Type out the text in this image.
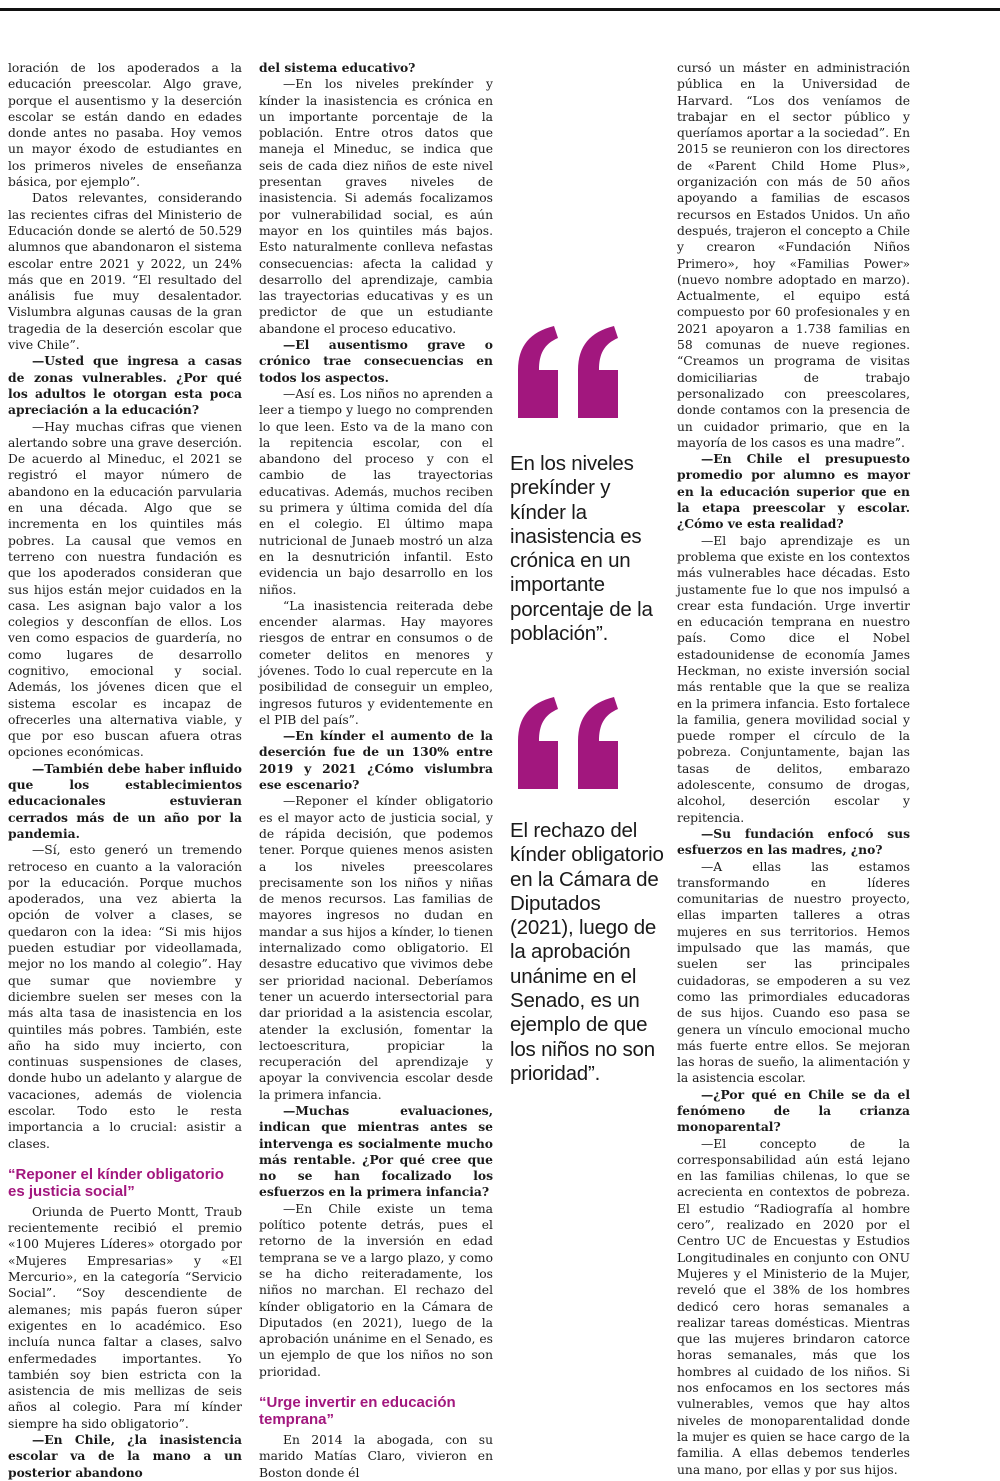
loración de los apoderados a la educación preescolar. Algo grave, porque el ausentismo y la deserción escolar se están dando en edades donde antes no pasaba. Hoy vemos un mayor éxodo de estudiantes en los primeros niveles de enseñanza básica, por ejemplo”.

Datos relevantes, considerando las recientes cifras del Ministerio de Educación donde se alertó de 50.529 alumnos que abandonaron el sistema escolar entre 2021 y 2022, un 24% más que en 2019. “El resultado del análisis fue muy desalentador. Vislumbra algunas causas de la gran tragedia de la deserción escolar que vive Chile”.

—Usted que ingresa a casas de zonas vulnerables. ¿Por qué los adultos le otorgan esta poca apreciación a la educación?

—Hay muchas cifras que vienen alertando sobre una grave deserción. De acuerdo al Mineduc, el 2021 se registró el mayor número de abandono en la educación parvularia en una década. Algo que se incrementa en los quintiles más pobres. La causal que vemos en terreno con nuestra fundación es que los apoderados consideran que sus hijos están mejor cuidados en la casa. Les asignan bajo valor a los colegios y desconfían de ellos. Los ven como espacios de guardería, no como lugares de desarrollo cognitivo, emocional y social. Además, los jóvenes dicen que el sistema escolar es incapaz de ofrecerles una alternativa viable, y que por eso buscan afuera otras opciones económicas.

—También debe haber influido que los establecimientos educacionales estuvieran cerrados más de un año por la pandemia.

—Sí, esto generó un tremendo retroceso en cuanto a la valoración por la educación. Porque muchos apoderados, una vez abierta la opción de volver a clases, se quedaron con la idea: “Si mis hijos pueden estudiar por videollamada, mejor no los mando al colegio”. Hay que sumar que noviembre y diciembre suelen ser meses con la más alta tasa de inasistencia en los quintiles más pobres. También, este año ha sido muy incierto, con continuas suspensiones de clases, donde hubo un adelanto y alargue de vacaciones, además de violencia escolar. Todo esto le resta importancia a lo crucial: asistir a clases.

“Reponer el kínder obligatorio es justicia social”

Oriunda de Puerto Montt, Traub recientemente recibió el premio «100 Mujeres Líderes» otorgado por «Mujeres Empresarias» y «El Mercurio», en la categoría “Servicio Social”. “Soy descendiente de alemanes; mis papás fueron súper exigentes en lo académico. Eso incluía nunca faltar a clases, salvo enfermedades importantes. Yo también soy bien estricta con la asistencia de mis mellizas de seis años al colegio. Para mí kínder siempre ha sido obligatorio”.

—En Chile, ¿la inasistencia escolar va de la mano a un posterior abandono

del sistema educativo?

—En los niveles prekínder y kínder la inasistencia es crónica en un importante porcentaje de la población. Entre otros datos que maneja el Mineduc, se indica que seis de cada diez niños de este nivel presentan graves niveles de inasistencia. Si además focalizamos por vulnerabilidad social, es aún mayor en los quintiles más bajos. Esto naturalmente conlleva nefastas consecuencias: afecta la calidad y desarrollo del aprendizaje, cambia las trayectorias educativas y es un predictor de que un estudiante abandone el proceso educativo.

—El ausentismo grave o crónico trae consecuencias en todos los aspectos.

—Así es. Los niños no aprenden a leer a tiempo y luego no comprenden lo que leen. Esto va de la mano con la repitencia escolar, con el abandono del proceso y con el cambio de las trayectorias educativas. Además, muchos reciben su primera y última comida del día en el colegio. El último mapa nutricional de Junaeb mostró un alza en la desnutrición infantil. Esto evidencia un bajo desarrollo en los niños.

“La inasistencia reiterada debe encender alarmas. Hay mayores riesgos de entrar en consumos o de cometer delitos en menores y jóvenes. Todo lo cual repercute en la posibilidad de conseguir un empleo, ingresos futuros y evidentemente en el PIB del país”.

—En kínder el aumento de la deserción fue de un 130% entre 2019 y 2021 ¿Cómo vislumbra ese escenario?

—Reponer el kínder obligatorio es el mayor acto de justicia social, y de rápida decisión, que podemos tener. Porque quienes menos asisten a los niveles preescolares precisamente son los niños y niñas de menos recursos. Las familias de mayores ingresos no dudan en mandar a sus hijos a kínder, lo tienen internalizado como obligatorio. El desastre educativo que vivimos debe ser prioridad nacional. Deberíamos tener un acuerdo intersectorial para dar prioridad a la asistencia escolar, atender la exclusión, fomentar la lectoescritura, propiciar la recuperación del aprendizaje y apoyar la convivencia escolar desde la primera infancia.

—Muchas evaluaciones, indican que mientras antes se intervenga es socialmente mucho más rentable. ¿Por qué cree que no se han focalizado los esfuerzos en la primera infancia?

—En Chile existe un tema político potente detrás, pues el retorno de la inversión en edad temprana se ve a largo plazo, y como se ha dicho reiteradamente, los niños no marchan. El rechazo del kínder obligatorio en la Cámara de Diputados (en 2021), luego de la aprobación unánime en el Senado, es un ejemplo de que los niños no son prioridad.

“Urge invertir en educación temprana”

En 2014 la abogada, con su marido Matías Claro, vivieron en Boston donde él

En los niveles prekínder y kínder la inasistencia es crónica en un importante porcentaje de la población”.
El rechazo del kínder obligatorio en la Cámara de Diputados (2021), luego de la aprobación unánime en el Senado, es un ejemplo de que los niños no son prioridad”.

cursó un máster en administración pública en la Universidad de Harvard. “Los dos veníamos de trabajar en el sector público y queríamos aportar a la sociedad”. En 2015 se reunieron con los directores de «Parent Child Home Plus», organización con más de 50 años apoyando a familias de escasos recursos en Estados Unidos. Un año después, trajeron el concepto a Chile y crearon «Fundación Niños Primero», hoy «Familias Power» (nuevo nombre adoptado en marzo). Actualmente, el equipo está compuesto por 60 profesionales y en 2021 apoyaron a 1.738 familias en 58 comunas de nueve regiones. “Creamos un programa de visitas domiciliarias de trabajo personalizado con preescolares, donde contamos con la presencia de un cuidador primario, que en la mayoría de los casos es una madre”.

—En Chile el presupuesto promedio por alumno es mayor en la educación superior que en la etapa preescolar y escolar. ¿Cómo ve esta realidad?

—El bajo aprendizaje es un problema que existe en los contextos más vulnerables hace décadas. Esto justamente fue lo que nos impulsó a crear esta fundación. Urge invertir en educación temprana en nuestro país. Como dice el Nobel estadounidense de economía James Heckman, no existe inversión social más rentable que la que se realiza en la primera infancia. Esto fortalece la familia, genera movilidad social y puede romper el círculo de la pobreza. Conjuntamente, bajan las tasas de delitos, embarazo adolescente, consumo de drogas, alcohol, deserción escolar y repitencia.

—Su fundación enfocó sus esfuerzos en las madres, ¿no?

—A ellas las estamos transformando en líderes comunitarias de nuestro proyecto, ellas imparten talleres a otras mujeres en sus territorios. Hemos impulsado que las mamás, que suelen ser las principales cuidadoras, se empoderen a su vez como las primordiales educadoras de sus hijos. Cuando eso pasa se genera un vínculo emocional mucho más fuerte entre ellos. Se mejoran las horas de sueño, la alimentación y la asistencia escolar.

—¿Por qué en Chile se da el fenómeno de la crianza monoparental?

—El concepto de la corresponsabilidad aún está lejano en las familias chilenas, lo que se acrecienta en contextos de pobreza. El estudio “Radiografía al hombre cero”, realizado en 2020 por el Centro UC de Encuestas y Estudios Longitudinales en conjunto con ONU Mujeres y el Ministerio de la Mujer, reveló que el 38% de los hombres dedicó cero horas semanales a realizar tareas domésticas. Mientras que las mujeres brindaron catorce horas semanales, más que los hombres al cuidado de los niños. Si nos enfocamos en los sectores más vulnerables, vemos que hay altos niveles de monoparentalidad donde la mujer es quien se hace cargo de la familia. A ellas debemos tenderles una mano, por ellas y por sus hijos.
